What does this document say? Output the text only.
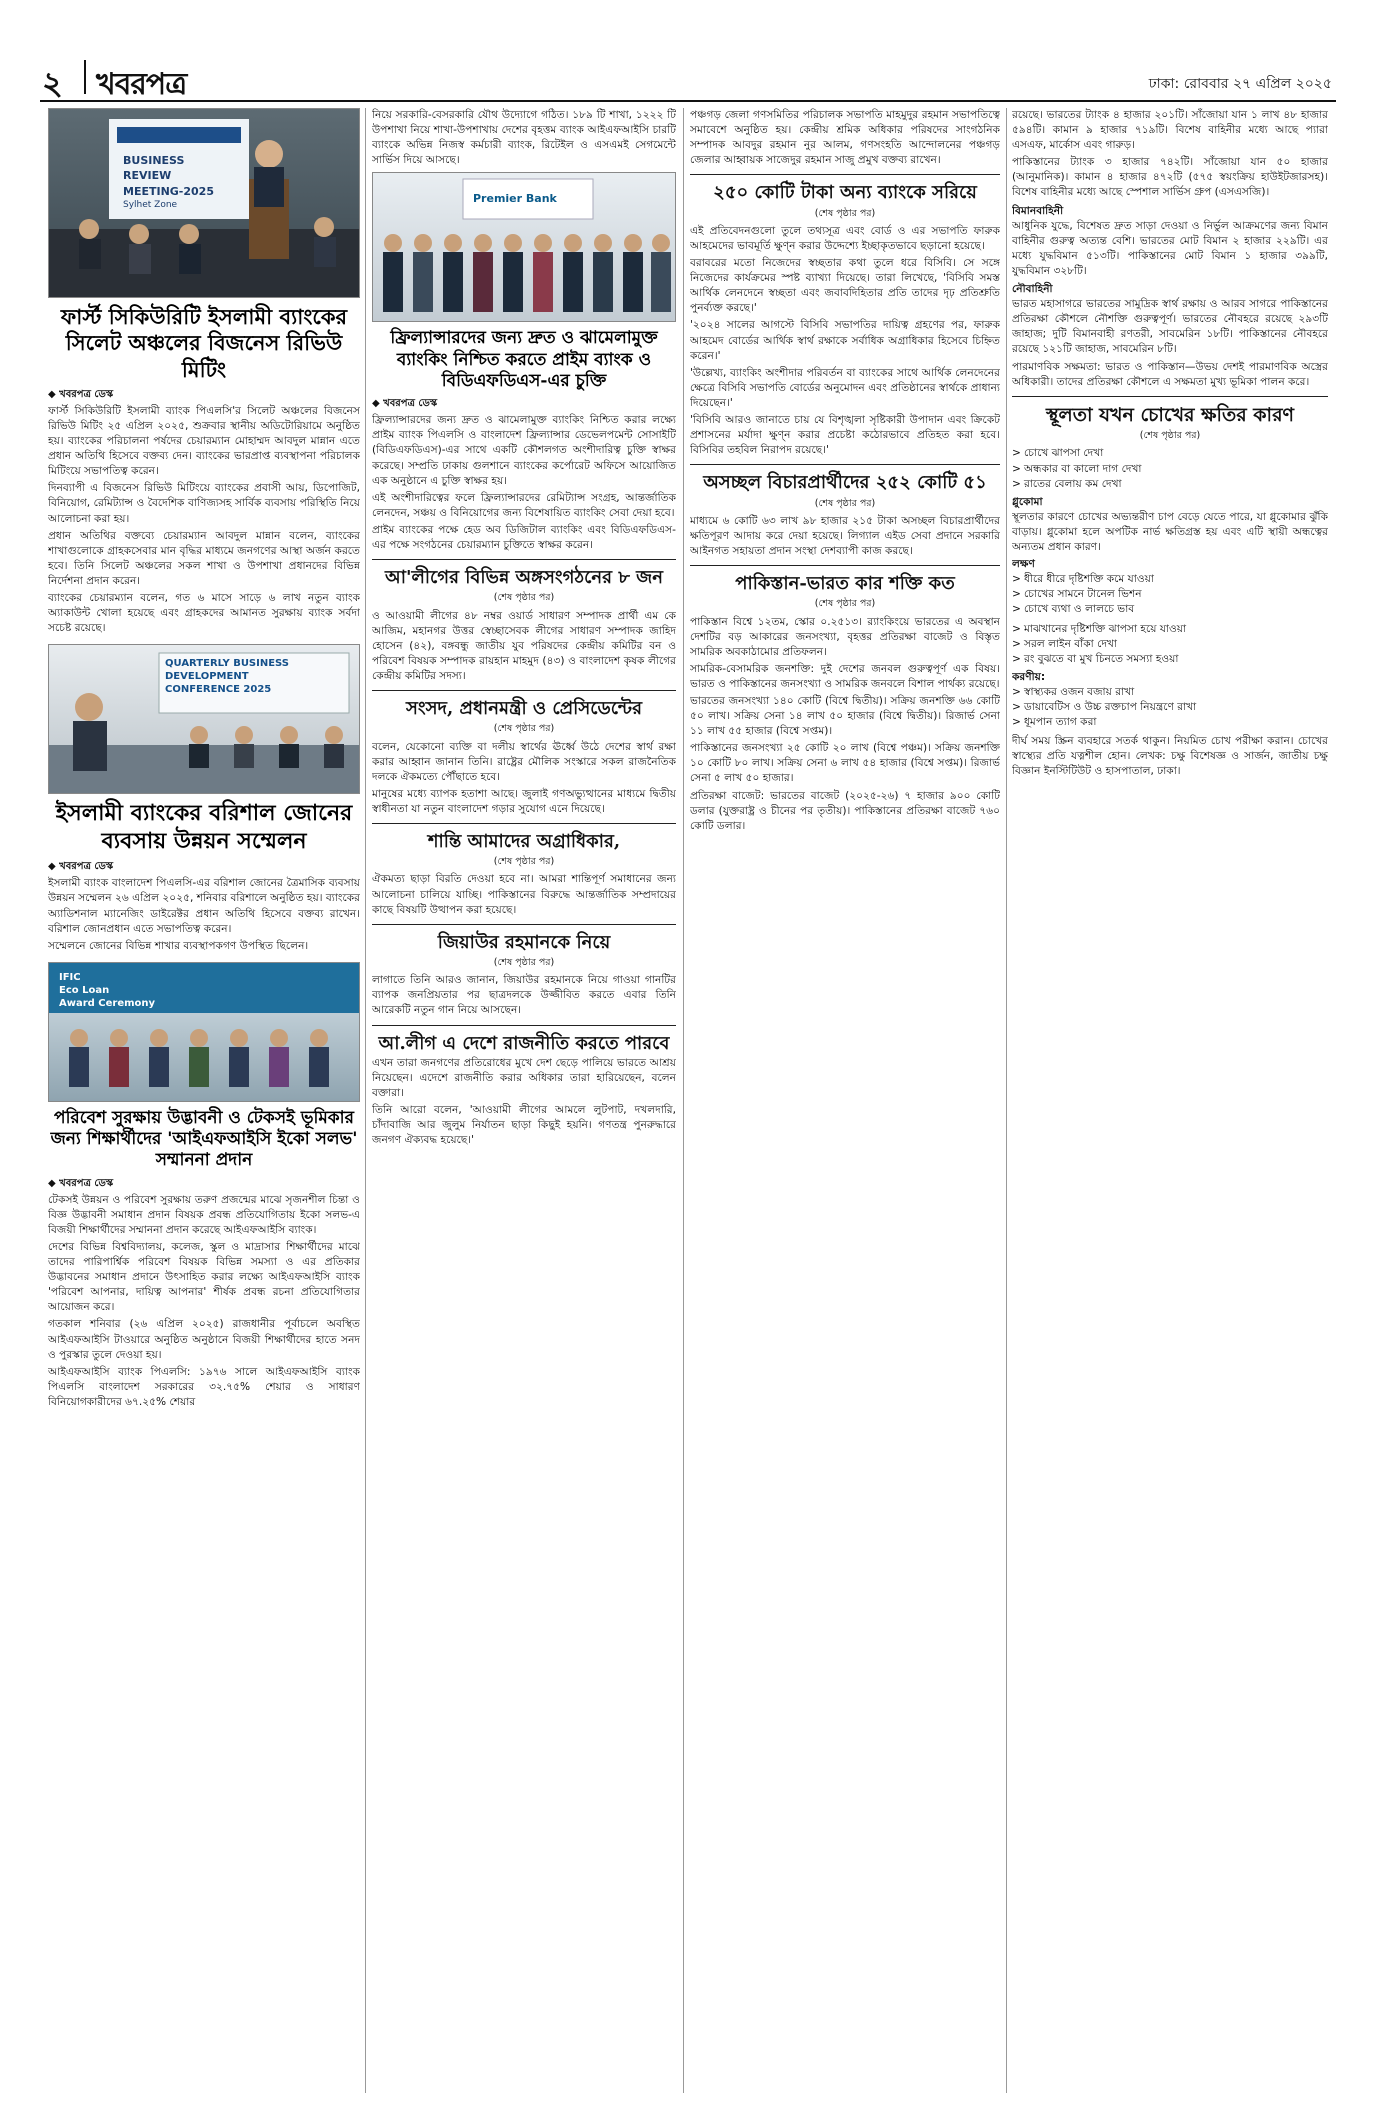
২ খবরপত্র	ঢাকা: রোববার ২৭ এপ্রিল ২০২৫
BUSINESS REVIEW
MEETING-2025
Sylhet Zone
ফার্স্ট সিকিউরিটি ইসলামী ব্যাংকের সিলেট অঞ্চলের বিজনেস রিভিউ মিটিং
◆ খবরপত্র ডেস্ক

ফার্স্ট সিকিউরিটি ইসলামী ব্যাংক পিএলসি'র সিলেট অঞ্চলের বিজনেস রিভিউ মিটিং ২৫ এপ্রিল ২০২৫, শুক্রবার স্থানীয় অডিটোরিয়ামে অনুষ্ঠিত হয়। ব্যাংকের পরিচালনা পর্ষদের চেয়ারম্যান মোহাম্মদ আবদুল মান্নান এতে প্রধান অতিথি হিসেবে বক্তব্য দেন। ব্যাংকের ভারপ্রাপ্ত ব্যবস্থাপনা পরিচালক মিটিংয়ে সভাপতিত্ব করেন।

দিনব্যাপী এ বিজনেস রিভিউ মিটিংয়ে ব্যাংকের প্রবাসী আয়, ডিপোজিট, বিনিয়োগ, রেমিট্যান্স ও বৈদেশিক বাণিজ্যসহ সার্বিক ব্যবসায় পরিস্থিতি নিয়ে আলোচনা করা হয়।

প্রধান অতিথির বক্তব্যে চেয়ারম্যান আবদুল মান্নান বলেন, ব্যাংকের শাখাগুলোকে গ্রাহকসেবার মান বৃদ্ধির মাধ্যমে জনগণের আস্থা অর্জন করতে হবে। তিনি সিলেট অঞ্চলের সকল শাখা ও উপশাখা প্রধানদের বিভিন্ন নির্দেশনা প্রদান করেন।

ব্যাংকের চেয়ারম্যান বলেন, গত ৬ মাসে সাড়ে ৬ লাখ নতুন ব্যাংক অ্যাকাউন্ট খোলা হয়েছে এবং গ্রাহকদের আমানত সুরক্ষায় ব্যাংক সর্বদা সচেষ্ট রয়েছে।

QUARTERLY BUSINESS
DEVELOPMENT
CONFERENCE 2025
ইসলামী ব্যাংকের বরিশাল জোনের ব্যবসায় উন্নয়ন সম্মেলন
◆ খবরপত্র ডেস্ক

ইসলামী ব্যাংক বাংলাদেশ পিএলসি-এর বরিশাল জোনের ত্রৈমাসিক ব্যবসায় উন্নয়ন সম্মেলন ২৬ এপ্রিল ২০২৫, শনিবার বরিশালে অনুষ্ঠিত হয়। ব্যাংকের অ্যাডিশনাল ম্যানেজিং ডাইরেক্টর প্রধান অতিথি হিসেবে বক্তব্য রাখেন। বরিশাল জোনপ্রধান এতে সভাপতিত্ব করেন।

সম্মেলনে জোনের বিভিন্ন শাখার ব্যবস্থাপকগণ উপস্থিত ছিলেন।

IFIC
Eco Loan
Award Ceremony
পরিবেশ সুরক্ষায় উদ্ভাবনী ও টেকসই ভূমিকার জন্য শিক্ষার্থীদের 'আইএফআইসি ইকো সলভ' সম্মাননা প্রদান
◆ খবরপত্র ডেস্ক

টেকসই উন্নয়ন ও পরিবেশ সুরক্ষায় তরুণ প্রজন্মের মাঝে সৃজনশীল চিন্তা ও বিজ্ঞ উদ্ভাবনী সমাধান প্রদান বিষয়ক প্রবন্ধ প্রতিযোগিতায় ইকো সলভ-এ বিজয়ী শিক্ষার্থীদের সম্মাননা প্রদান করেছে আইএফআইসি ব্যাংক।

দেশের বিভিন্ন বিশ্ববিদ্যালয়, কলেজ, স্কুল ও মাদ্রাসার শিক্ষার্থীদের মাঝে তাদের পারিপার্শ্বিক পরিবেশ বিষয়ক বিভিন্ন সমস্যা ও এর প্রতিকার উদ্ভাবনের সমাধান প্রদানে উৎসাহিত করার লক্ষ্যে আইএফআইসি ব্যাংক 'পরিবেশ আপনার, দায়িত্ব আপনার' শীর্ষক প্রবন্ধ রচনা প্রতিযোগিতার আয়োজন করে।

গতকাল শনিবার (২৬ এপ্রিল ২০২৫) রাজধানীর পূর্বাচলে অবস্থিত আইএফআইসি টাওয়ারে অনুষ্ঠিত অনুষ্ঠানে বিজয়ী শিক্ষার্থীদের হাতে সনদ ও পুরস্কার তুলে দেওয়া হয়।

আইএফআইসি ব্যাংক পিএলসি: ১৯৭৬ সালে আইএফআইসি ব্যাংক পিএলসি বাংলাদেশ সরকারের ৩২.৭৫% শেয়ার ও সাধারণ বিনিয়োগকারীদের ৬৭.২৫% শেয়ার

নিয়ে সরকারি-বেসরকারি যৌথ উদ্যোগে গঠিত। ১৮৯ টি শাখা, ১২২২ টি উপশাখা নিয়ে শাখা-উপশাখায় দেশের বৃহত্তম ব্যাংক আইএফআইসি চারটি ব্যাংকে অভিন্ন নিজস্ব কর্মচারী ব্যাংক, রিটেইল ও এসএমই সেগমেন্টে সার্ভিস দিয়ে আসছে।

Premier Bank
ফ্রিল্যান্সারদের জন্য দ্রুত ও ঝামেলামুক্ত ব্যাংকিং নিশ্চিত করতে প্রাইম ব্যাংক ও বিডিএফডিএস-এর চুক্তি
◆ খবরপত্র ডেস্ক

ফ্রিল্যান্সারদের জন্য দ্রুত ও ঝামেলামুক্ত ব্যাংকিং নিশ্চিত করার লক্ষ্যে প্রাইম ব্যাংক পিএলসি ও বাংলাদেশ ফ্রিল্যান্সার ডেভেলপমেন্ট সোসাইটি (বিডিএফডিএস)-এর সাথে একটি কৌশলগত অংশীদারিত্ব চুক্তি স্বাক্ষর করেছে। সম্প্রতি ঢাকায় গুলশানে ব্যাংকের কর্পোরেট অফিসে আয়োজিত এক অনুষ্ঠানে এ চুক্তি স্বাক্ষর হয়।

এই অংশীদারিত্বের ফলে ফ্রিল্যান্সারদের রেমিট্যান্স সংগ্রহ, আন্তর্জাতিক লেনদেন, সঞ্চয় ও বিনিয়োগের জন্য বিশেষায়িত ব্যাংকিং সেবা দেয়া হবে।

প্রাইম ব্যাংকের পক্ষে হেড অব ডিজিটাল ব্যাংকিং এবং বিডিএফডিএস-এর পক্ষে সংগঠনের চেয়ারম্যান চুক্তিতে স্বাক্ষর করেন।

আ'লীগের বিভিন্ন অঙ্গসংগঠনের ৮ জন
(শেষ পৃষ্ঠার পর)

ও আওয়ামী লীগের ৪৮ নম্বর ওয়ার্ড সাধারণ সম্পাদক প্রার্থী এম কে আজিম, মহানগর উত্তর স্বেচ্ছাসেবক লীগের সাধারণ সম্পাদক জাহিদ হোসেন (৪২), বঙ্গবন্ধু জাতীয় যুব পরিষদের কেন্দ্রীয় কমিটির বন ও পরিবেশ বিষয়ক সম্পাদক রায়হান মাহমুদ (৪৩) ও বাংলাদেশ কৃষক লীগের কেন্দ্রীয় কমিটির সদস্য।

সংসদ, প্রধানমন্ত্রী ও প্রেসিডেন্টের
(শেষ পৃষ্ঠার পর)

বলেন, যেকোনো ব্যক্তি বা দলীয় স্বার্থের ঊর্ধ্বে উঠে দেশের স্বার্থ রক্ষা করার আহ্বান জানান তিনি। রাষ্ট্রের মৌলিক সংস্কারে সকল রাজনৈতিক দলকে ঐকমত্যে পৌঁছাতে হবে।

মানুষের মধ্যে ব্যাপক হতাশা আছে। জুলাই গণঅভ্যুত্থানের মাধ্যমে দ্বিতীয় স্বাধীনতা যা নতুন বাংলাদেশ গড়ার সুযোগ এনে দিয়েছে।

শান্তি আমাদের অগ্রাধিকার,
(শেষ পৃষ্ঠার পর)

ঐকমত্য ছাড়া বিরতি দেওয়া হবে না। আমরা শান্তিপূর্ণ সমাধানের জন্য আলোচনা চালিয়ে যাচ্ছি। পাকিস্তানের বিরুদ্ধে আন্তর্জাতিক সম্প্রদায়ের কাছে বিষয়টি উত্থাপন করা হয়েছে।

জিয়াউর রহমানকে নিয়ে
(শেষ পৃষ্ঠার পর)

লাগাতে তিনি আরও জানান, জিয়াউর রহমানকে নিয়ে গাওয়া গানটির ব্যাপক জনপ্রিয়তার পর ছাত্রদলকে উজ্জীবিত করতে এবার তিনি আরেকটি নতুন গান নিয়ে আসছেন।

আ.লীগ এ দেশে রাজনীতি করতে পারবে

এখন তারা জনগণের প্রতিরোধের মুখে দেশ ছেড়ে পালিয়ে ভারতে আশ্রয় নিয়েছেন। এদেশে রাজনীতি করার অধিকার তারা হারিয়েছেন, বলেন বক্তারা।

তিনি আরো বলেন, 'আওয়ামী লীগের আমলে লুটপাট, দখলদারি, চাঁদাবাজি আর জুলুম নির্যাতন ছাড়া কিছুই হয়নি। গণতন্ত্র পুনরুদ্ধারে জনগণ ঐক্যবদ্ধ হয়েছে।'

পঞ্চগড় জেলা গণসমিতির পরিচালক সভাপতি মাহমুদুর রহমান সভাপতিত্বে সমাবেশে অনুষ্ঠিত হয়। কেন্দ্রীয় শ্রমিক অধিকার পরিষদের সাংগঠনিক সম্পাদক আবদুর রহমান নুর আলম, গণসংহতি আন্দোলনের পঞ্চগড় জেলার আহ্বায়ক সাজেদুর রহমান সাজু প্রমুখ বক্তব্য রাখেন।

২৫০ কোটি টাকা অন্য ব্যাংকে সরিয়ে
(শেষ পৃষ্ঠার পর)

এই প্রতিবেদনগুলো তুলে তথ্যসূত্র এবং বোর্ড ও এর সভাপতি ফারুক আহমেদের ভাবমূর্তি ক্ষুণ্ন করার উদ্দেশ্যে ইচ্ছাকৃতভাবে ছড়ানো হয়েছে।

বরাবরের মতো নিজেদের স্বচ্ছতার কথা তুলে ধরে বিসিবি। সে সঙ্গে নিজেদের কার্যক্রমের স্পষ্ট ব্যাখ্যা দিয়েছে। তারা লিখেছে, 'বিসিবি সমস্ত আর্থিক লেনদেনে স্বচ্ছতা এবং জবাবদিহিতার প্রতি তাদের দৃঢ় প্রতিশ্রুতি পুনর্ব্যক্ত করছে।'

'২০২৪ সালের আগস্টে বিসিবি সভাপতির দায়িত্ব গ্রহণের পর, ফারুক আহমেদ বোর্ডের আর্থিক স্বার্থ রক্ষাকে সর্বাধিক অগ্রাধিকার হিসেবে চিহ্নিত করেন।'

'উল্লেখ্য, ব্যাংকিং অংশীদার পরিবর্তন বা ব্যাংকের সাথে আর্থিক লেনদেনের ক্ষেত্রে বিসিবি সভাপতি বোর্ডের অনুমোদন এবং প্রতিষ্ঠানের স্বার্থকে প্রাধান্য দিয়েছেন।'

'বিসিবি আরও জানাতে চায় যে বিশৃঙ্খলা সৃষ্টিকারী উপাদান এবং ক্রিকেট প্রশাসনের মর্যাদা ক্ষুণ্ন করার প্রচেষ্টা কঠোরভাবে প্রতিহত করা হবে। বিসিবির তহবিল নিরাপদ রয়েছে।'

অসচ্ছল বিচারপ্রার্থীদের ২৫২ কোটি ৫১
(শেষ পৃষ্ঠার পর)

মাধ্যমে ৬ কোটি ৬৩ লাখ ৯৮ হাজার ২১৫ টাকা অসচ্ছল বিচারপ্রার্থীদের ক্ষতিপূরণ আদায় করে দেয়া হয়েছে। লিগ্যাল এইড সেবা প্রদানে সরকারি আইনগত সহায়তা প্রদান সংস্থা দেশব্যাপী কাজ করছে।

পাকিস্তান-ভারত কার শক্তি কত
(শেষ পৃষ্ঠার পর)

পাকিস্তান বিশ্বে ১২তম, স্কোর ০.২৫১৩। র‍্যাংকিংয়ে ভারতের এ অবস্থান দেশটির বড় আকারের জনসংখ্যা, বৃহত্তর প্রতিরক্ষা বাজেট ও বিস্তৃত সামরিক অবকাঠামোর প্রতিফলন।

সামরিক-বেসামরিক জনশক্তি: দুই দেশের জনবল গুরুত্বপূর্ণ এক বিষয়। ভারত ও পাকিস্তানের জনসংখ্যা ও সামরিক জনবলে বিশাল পার্থক্য রয়েছে।

ভারতের জনসংখ্যা ১৪০ কোটি (বিশ্বে দ্বিতীয়)। সক্রিয় জনশক্তি ৬৬ কোটি ৫০ লাখ। সক্রিয় সেনা ১৪ লাখ ৫০ হাজার (বিশ্বে দ্বিতীয়)। রিজার্ভ সেনা ১১ লাখ ৫৫ হাজার (বিশ্বে সপ্তম)।

পাকিস্তানের জনসংখ্যা ২৫ কোটি ২০ লাখ (বিশ্বে পঞ্চম)। সক্রিয় জনশক্তি ১০ কোটি ৮০ লাখ। সক্রিয় সেনা ৬ লাখ ৫৪ হাজার (বিশ্বে সপ্তম)। রিজার্ভ সেনা ৫ লাখ ৫০ হাজার।

প্রতিরক্ষা বাজেট: ভারতের বাজেট (২০২৫-২৬) ৭ হাজার ৯০০ কোটি ডলার (যুক্তরাষ্ট্র ও চীনের পর তৃতীয়)। পাকিস্তানের প্রতিরক্ষা বাজেট ৭৬০ কোটি ডলার।

রয়েছে। ভারতের ট্যাংক ৪ হাজার ২০১টি। সাঁজোয়া যান ১ লাখ ৪৮ হাজার ৫৯৪টি। কামান ৯ হাজার ৭১৯টি। বিশেষ বাহিনীর মধ্যে আছে প্যারা এসএফ, মার্কোস এবং গারুড়।

পাকিস্তানের ট্যাংক ৩ হাজার ৭৪২টি। সাঁজোয়া যান ৫০ হাজার (আনুমানিক)। কামান ৪ হাজার ৪৭২টি (৫৭৫ স্বয়ংক্রিয় হাউইটজারসহ)। বিশেষ বাহিনীর মধ্যে আছে স্পেশাল সার্ভিস গ্রুপ (এসএসজি)।

বিমানবাহিনী

আধুনিক যুদ্ধে, বিশেষত দ্রুত সাড়া দেওয়া ও নির্ভুল আক্রমণের জন্য বিমান বাহিনীর গুরুত্ব অত্যন্ত বেশি। ভারতের মোট বিমান ২ হাজার ২২৯টি। এর মধ্যে যুদ্ধবিমান ৫১৩টি। পাকিস্তানের মোট বিমান ১ হাজার ৩৯৯টি, যুদ্ধবিমান ৩২৮টি।

নৌবাহিনী

ভারত মহাসাগরে ভারতের সামুদ্রিক স্বার্থ রক্ষায় ও আরব সাগরে পাকিস্তানের প্রতিরক্ষা কৌশলে নৌশক্তি গুরুত্বপূর্ণ। ভারতের নৌবহরে রয়েছে ২৯৩টি জাহাজ; দুটি বিমানবাহী রণতরী, সাবমেরিন ১৮টি। পাকিস্তানের নৌবহরে রয়েছে ১২১টি জাহাজ, সাবমেরিন ৮টি।

পারমাণবিক সক্ষমতা: ভারত ও পাকিস্তান—উভয় দেশই পারমাণবিক অস্ত্রের অধিকারী। তাদের প্রতিরক্ষা কৌশলে এ সক্ষমতা মুখ্য ভূমিকা পালন করে।

স্থূলতা যখন চোখের ক্ষতির কারণ
(শেষ পৃষ্ঠার পর)
> চোখে ঝাপসা দেখা
> অন্ধকার বা কালো দাগ দেখা
> রাতের বেলায় কম দেখা
গ্লুকোমা

স্থূলতার কারণে চোখের অভ্যন্তরীণ চাপ বেড়ে যেতে পারে, যা গ্লুকোমার ঝুঁকি বাড়ায়। গ্লুকোমা হলে অপটিক নার্ভ ক্ষতিগ্রস্ত হয় এবং এটি স্থায়ী অন্ধত্বের অন্যতম প্রধান কারণ।

লক্ষণ
> ধীরে ধীরে দৃষ্টিশক্তি কমে যাওয়া
> চোখের সামনে টানেল ভিশন
> চোখে ব্যথা ও লালচে ভাব
> মাঝখানের দৃষ্টিশক্তি ঝাপসা হয়ে যাওয়া
> সরল লাইন বাঁকা দেখা
> রং বুঝতে বা মুখ চিনতে সমস্যা হওয়া
করণীয়:
> স্বাস্থ্যকর ওজন বজায় রাখা
> ডায়াবেটিস ও উচ্চ রক্তচাপ নিয়ন্ত্রণে রাখা
> ধূমপান ত্যাগ করা

দীর্ঘ সময় স্ক্রিন ব্যবহারে সতর্ক থাকুন। নিয়মিত চোখ পরীক্ষা করান। চোখের স্বাস্থ্যের প্রতি যত্নশীল হোন। লেখক: চক্ষু বিশেষজ্ঞ ও সার্জন, জাতীয় চক্ষু বিজ্ঞান ইনস্টিটিউট ও হাসপাতাল, ঢাকা।
